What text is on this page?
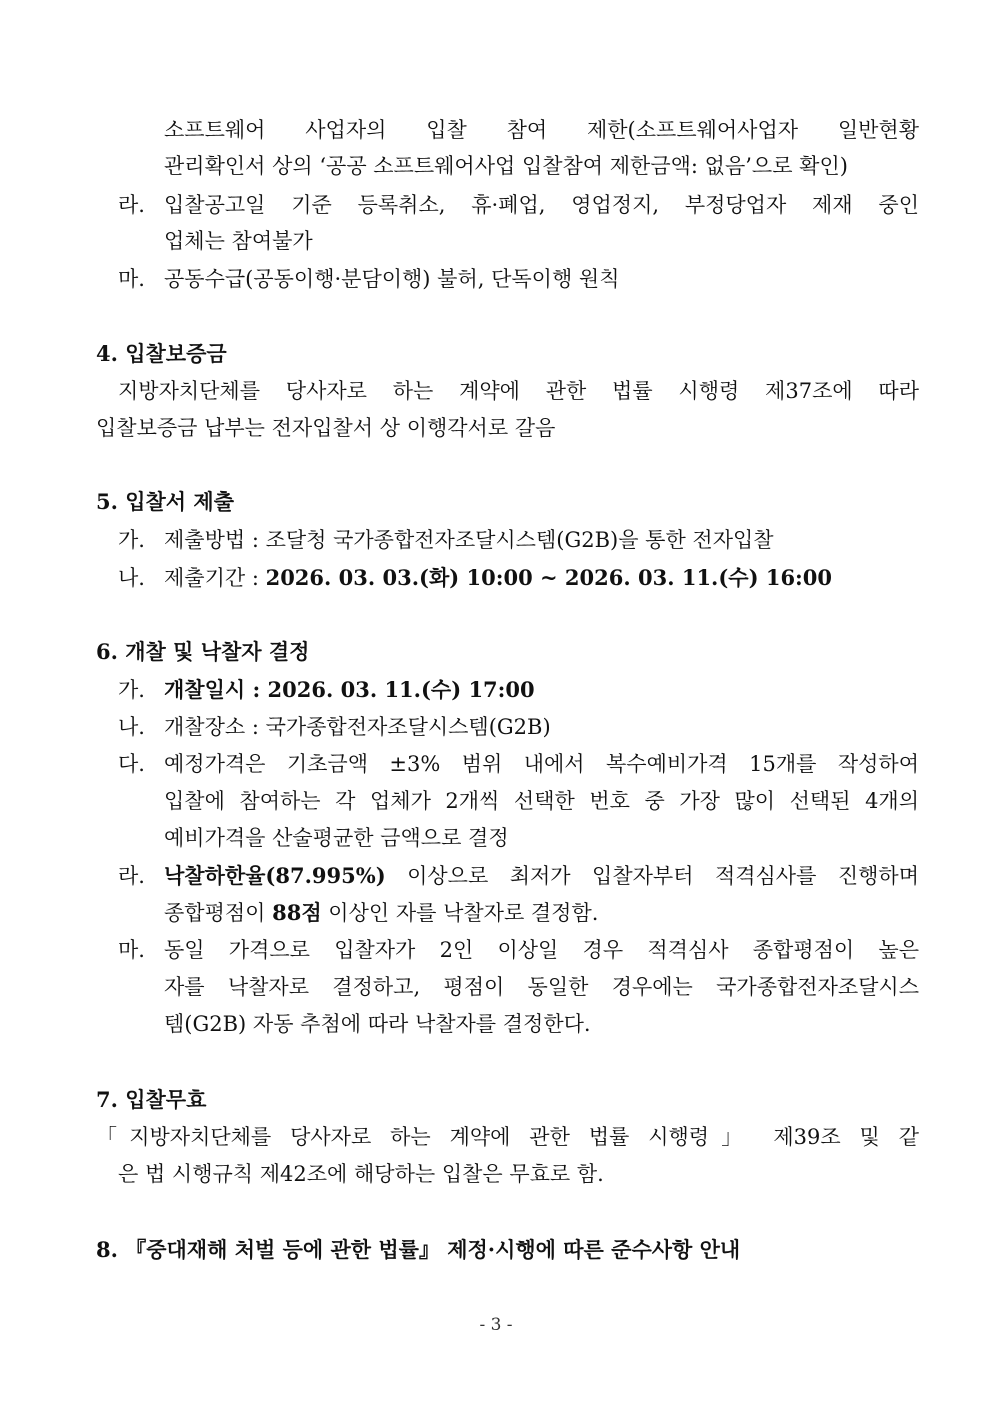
소프트웨어 사업자의 입찰 참여 제한(소프트웨어사업자 일반현황
관리확인서 상의 ‘공공 소프트웨어사업 입찰참여 제한금액: 없음’으로 확인)
라. 입찰공고일 기준 등록취소, 휴·폐업, 영업정지, 부정당업자 제재 중인
업체는 참여불가
마. 공동수급(공동이행·분담이행) 불허, 단독이행 원칙
4. 입찰보증금
지방자치단체를 당사자로 하는 계약에 관한 법률 시행령 제37조에 따라
입찰보증금 납부는 전자입찰서 상 이행각서로 갈음
5. 입찰서 제출
가. 제출방법 : 조달청 국가종합전자조달시스템(G2B)을 통한 전자입찰
나. 제출기간 : 2026. 03. 03.(화) 10:00 ~ 2026. 03. 11.(수) 16:00
6. 개찰 및 낙찰자 결정
가. 개찰일시 : 2026. 03. 11.(수) 17:00
나. 개찰장소 : 국가종합전자조달시스템(G2B)
다. 예정가격은 기초금액 ±3% 범위 내에서 복수예비가격 15개를 작성하여
입찰에 참여하는 각 업체가 2개씩 선택한 번호 중 가장 많이 선택된 4개의
예비가격을 산술평균한 금액으로 결정
라. 낙찰하한율(87.995%) 이상으로 최저가 입찰자부터 적격심사를 진행하며
종합평점이 88점 이상인 자를 낙찰자로 결정함.
마. 동일 가격으로 입찰자가 2인 이상일 경우 적격심사 종합평점이 높은
자를 낙찰자로 결정하고, 평점이 동일한 경우에는 국가종합전자조달시스
템(G2B) 자동 추첨에 따라 낙찰자를 결정한다.
7. 입찰무효
「지방자치단체를 당사자로 하는 계약에 관한 법률 시행령」 제39조 및 같
은 법 시행규칙 제42조에 해당하는 입찰은 무효로 함.
8. 『중대재해 처벌 등에 관한 법률』 제정·시행에 따른 준수사항 안내
- 3 -
